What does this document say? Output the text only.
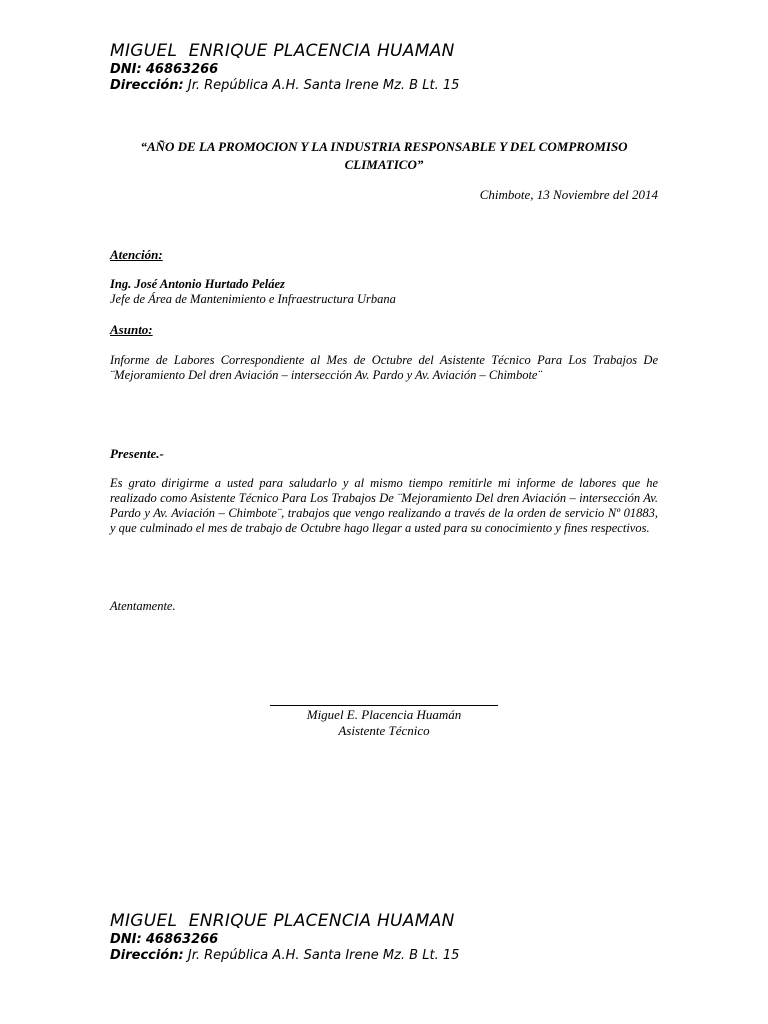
MIGUEL  ENRIQUE PLACENCIA HUAMAN
DNI: 46863266
Dirección: Jr. República A.H. Santa Irene Mz. B Lt. 15
“AÑO DE LA PROMOCION Y LA INDUSTRIA RESPONSABLE Y DEL COMPROMISO CLIMATICO”
Chimbote, 13 Noviembre del 2014
Atención:
Ing. José Antonio Hurtado Peláez
Jefe de Área de Mantenimiento e Infraestructura Urbana
Asunto:
Informe de Labores Correspondiente al Mes de Octubre del Asistente Técnico Para Los Trabajos De ¨Mejoramiento Del dren Aviación – intersección Av. Pardo y Av. Aviación – Chimbote¨
Presente.-
Es grato dirigirme a usted para saludarlo y al mismo tiempo remitirle mi informe de labores que he realizado como Asistente Técnico Para Los Trabajos De ¨Mejoramiento Del dren Aviación – intersección Av. Pardo y Av. Aviación – Chimbote¨, trabajos que vengo realizando a través de la orden de servicio Nº 01883, y que culminado el mes de trabajo de Octubre hago llegar a usted para su conocimiento y fines respectivos.
Atentamente.
Miguel E. Placencia Huamán
Asistente Técnico
MIGUEL  ENRIQUE PLACENCIA HUAMAN
DNI: 46863266
Dirección: Jr. República A.H. Santa Irene Mz. B Lt. 15
